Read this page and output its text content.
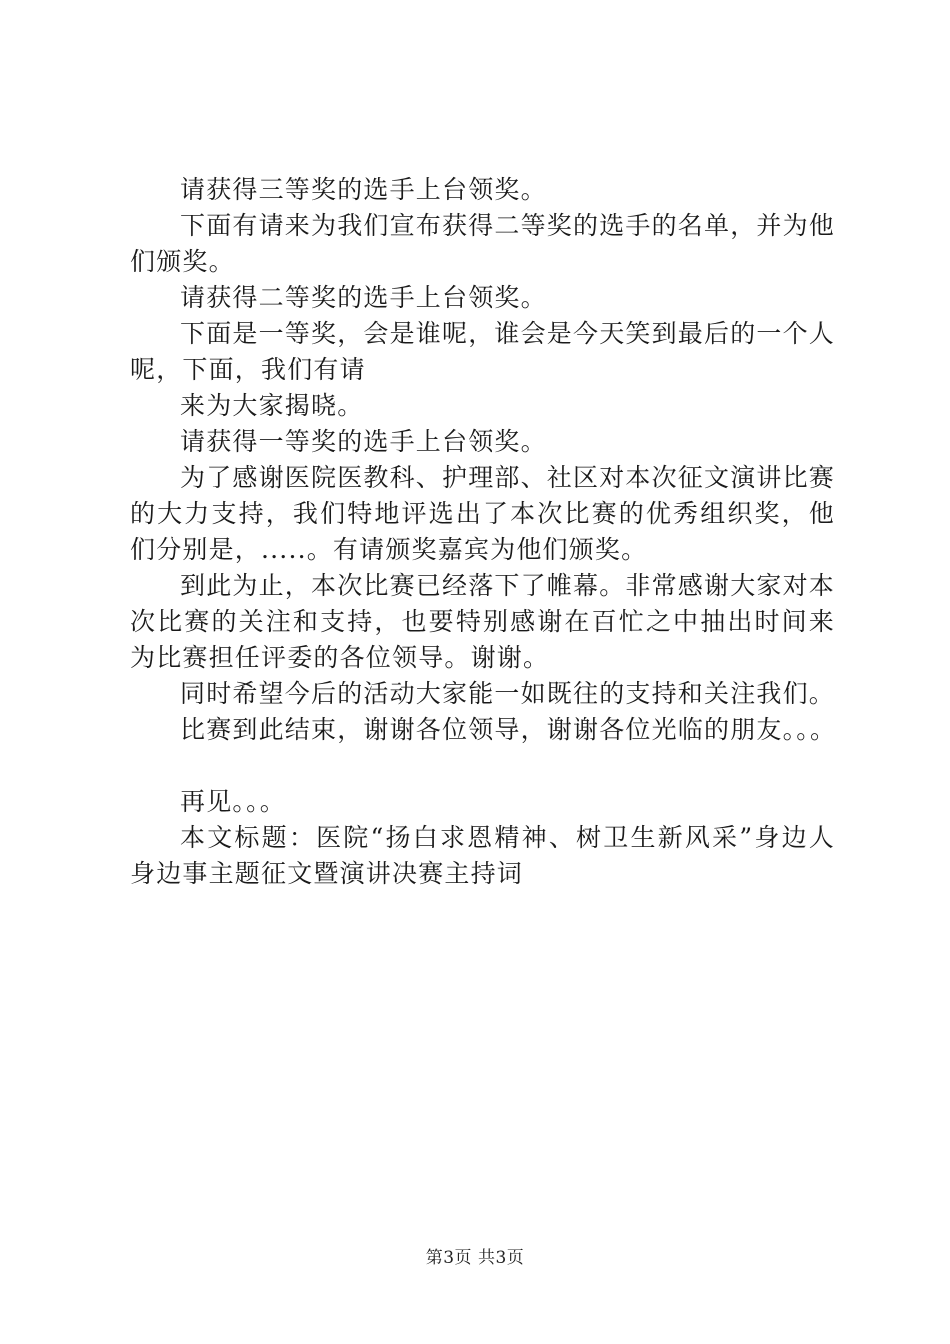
请获得三等奖的选手上台领奖。

下面有请来为我们宣布获得二等奖的选手的名单，并为他们颁奖。

请获得二等奖的选手上台领奖。

下面是一等奖，会是谁呢，谁会是今天笑到最后的一个人呢，下面，我们有请

来为大家揭晓。

请获得一等奖的选手上台领奖。

为了感谢医院医教科、护理部、社区对本次征文演讲比赛的大力支持，我们特地评选出了本次比赛的优秀组织奖，他们分别是，.....。有请颁奖嘉宾为他们颁奖。

到此为止，本次比赛已经落下了帷幕。非常感谢大家对本次比赛的关注和支持，也要特别感谢在百忙之中抽出时间来为比赛担任评委的各位领导。谢谢。

同时希望今后的活动大家能一如既往的支持和关注我们。

比赛到此结束，谢谢各位领导，谢谢各位光临的朋友。。。

再见。。。

本文标题：医院“扬白求恩精神、树卫生新风采”身边人身边事主题征文暨演讲决赛主持词

第3页 共3页
